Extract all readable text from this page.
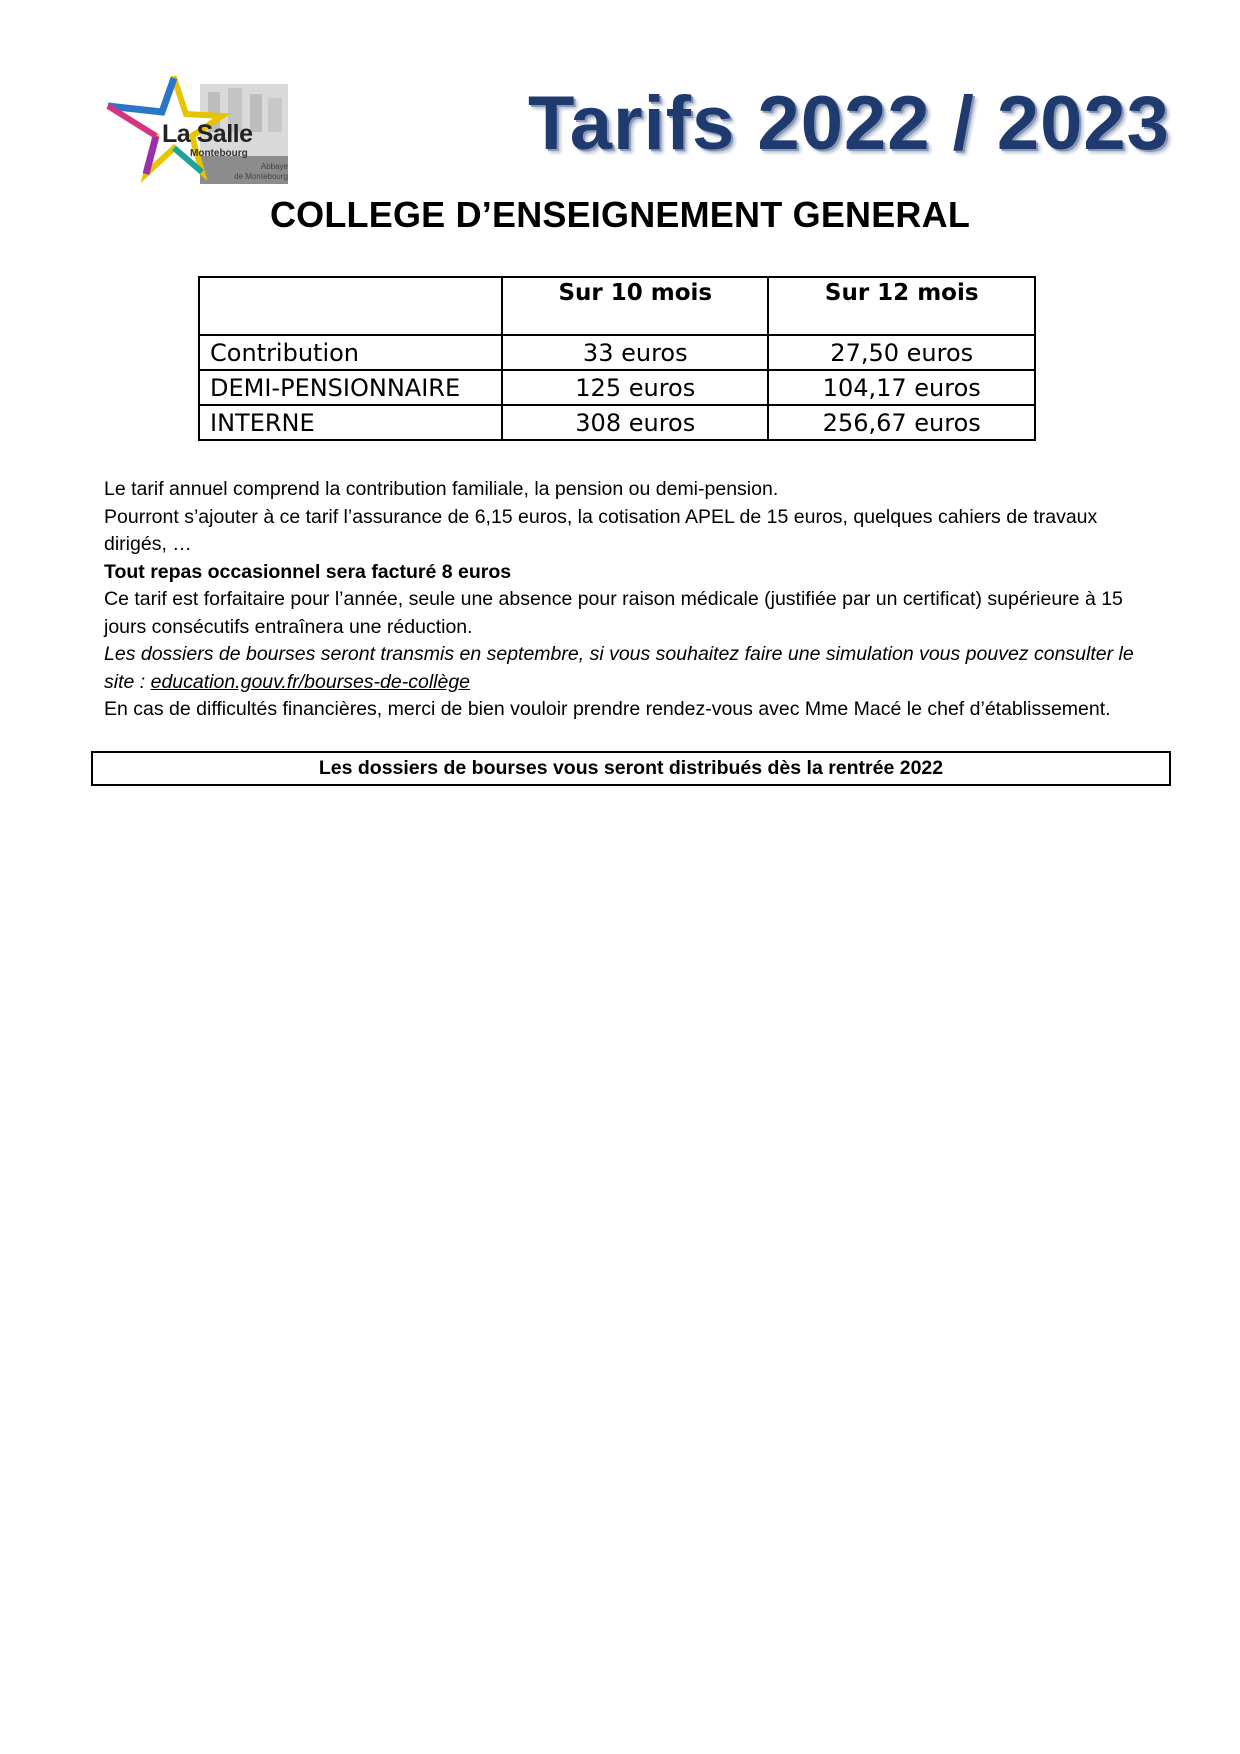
La Salle
Montebourg
Abbaye
de Montebourg
Tarifs 2022 / 2023
COLLEGE D’ENSEIGNEMENT GENERAL
	Sur 10 mois	Sur 12 mois
Contribution	33 euros	27,50 euros
DEMI-PENSIONNAIRE	125 euros	104,17 euros
INTERNE	308 euros	256,67 euros

Le tarif annuel comprend la contribution familiale, la pension ou demi-pension.

Pourront s’ajouter à ce tarif l’assurance de 6,15 euros, la cotisation APEL de 15 euros, quelques cahiers de travaux dirigés, …

Tout repas occasionnel sera facturé 8 euros

Ce tarif est forfaitaire pour l’année, seule une absence pour raison médicale (justifiée par un certificat) supérieure à 15 jours consécutifs entraînera une réduction.

Les dossiers de bourses seront transmis en septembre, si vous souhaitez faire une simulation vous pouvez consulter le site : education.gouv.fr/bourses-de-collège

En cas de difficultés financières, merci de bien vouloir prendre rendez-vous avec Mme Macé le chef d’établissement.

Les dossiers de bourses vous seront distribués dès la rentrée 2022
